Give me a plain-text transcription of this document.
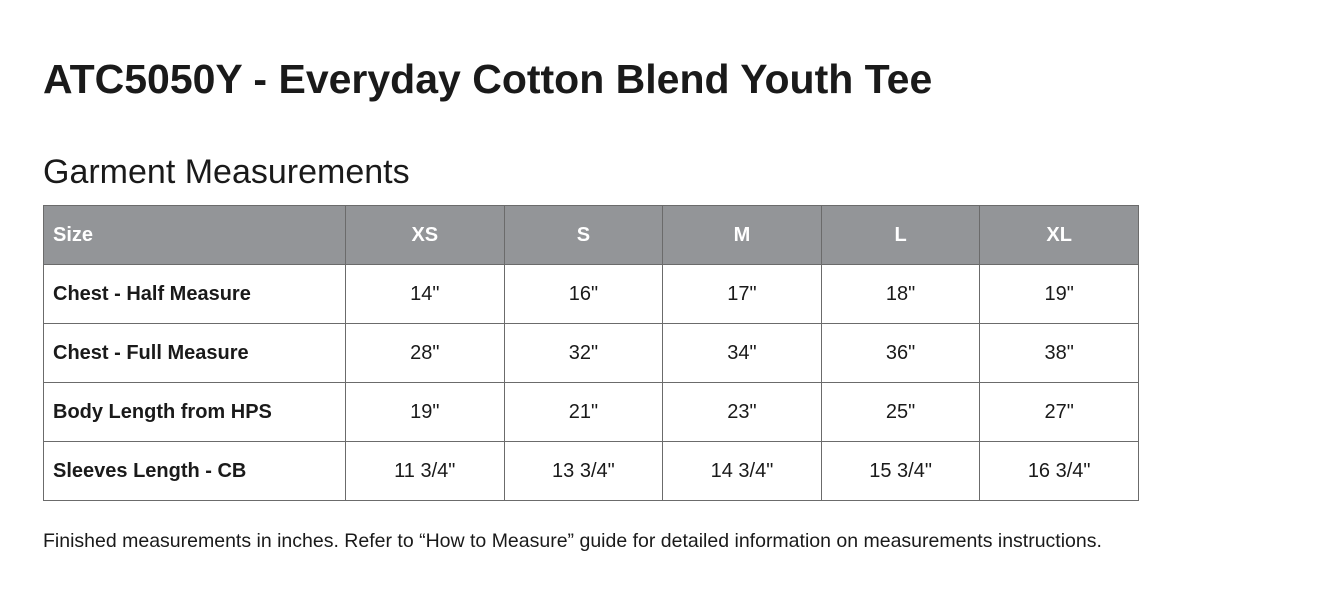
ATC5050Y - Everyday Cotton Blend Youth Tee
Garment Measurements
Size	XS	S	M	L	XL
Chest - Half Measure	14"	16"	17"	18"	19"
Chest - Full Measure	28"	32"	34"	36"	38"
Body Length from HPS	19"	21"	23"	25"	27"
Sleeves Length - CB	11 3/4"	13 3/4"	14 3/4"	15 3/4"	16 3/4"

Finished measurements in inches. Refer to “How to Measure” guide for detailed information on measurements instructions.
